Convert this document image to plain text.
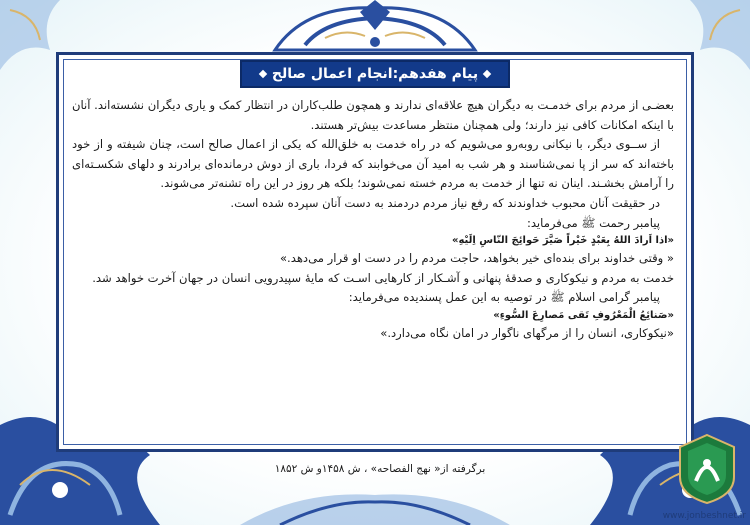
پیام هفدهم:انجام اعمال صالح

بعضـی از مردم برای خدمـت به دیگران هیچ علاقه‌ای ندارند و همچون طلب‌کاران در انتظار کمک و یاری دیگران نشسته‌اند. آنان با اینکه امکانات کافی نیز دارند؛ ولی همچنان منتظر مساعدت بیش‌تر هستند.

از ســوی دیگر، با نیکانی روبه‌رو می‌شویم که در راه خدمت به خلق‌الله که یکی از اعمال صالح است، چنان شیفته و از خود باخته‌اند که سر از پا نمی‌شناسند و هر شب به امید آن می‌خوابند که فردا، باری از دوش درمانده‌ای برادرند و دلهای شکسـته‌ای را آرامش بخشـند. اینان نه تنها از خدمت به مردم خسته نمی‌شوند؛ بلکه هر روز در این راه تشنه‌تر می‌شوند.

در حقیقت آنان محبوب خداوندند که رفع نیاز مردم دردمند به دست آنان سپرده شده است.

پیامبر رحمت ﷺ می‌فرماید:

«اذا اَرادَ اللهُ بِعَبْدٍ خَيْراً صَيَّرَ حَوائِجَ النّاسِ اِلَيْهِ»

« وقتی خداوند برای بنده‌ای خیر بخواهد، حاجت مردم را در دست او قرار می‌دهد.»

خدمت به مردم و نیکوکاری و صدقۀ پنهانی و آشـکار از کارهایی اسـت که مایۀ سپیدرویی انسان در جهان آخرت خواهد شد.

پیامبر گرامی اسلام ﷺ در توصیه به این عمل پسندیده می‌فرماید:

«صَنائِعُ الْمَعْرُوفِ تَقى مَصارِعَ السُّوءِ»

«نیکوکاری، انسان را از مرگهای ناگوار در امان نگاه می‌دارد.»

برگرفته از« نهج الفصاحه» ، ش ۱۴۵۸و ش ۱۸۵۲
www.jonbeshnet.ir
